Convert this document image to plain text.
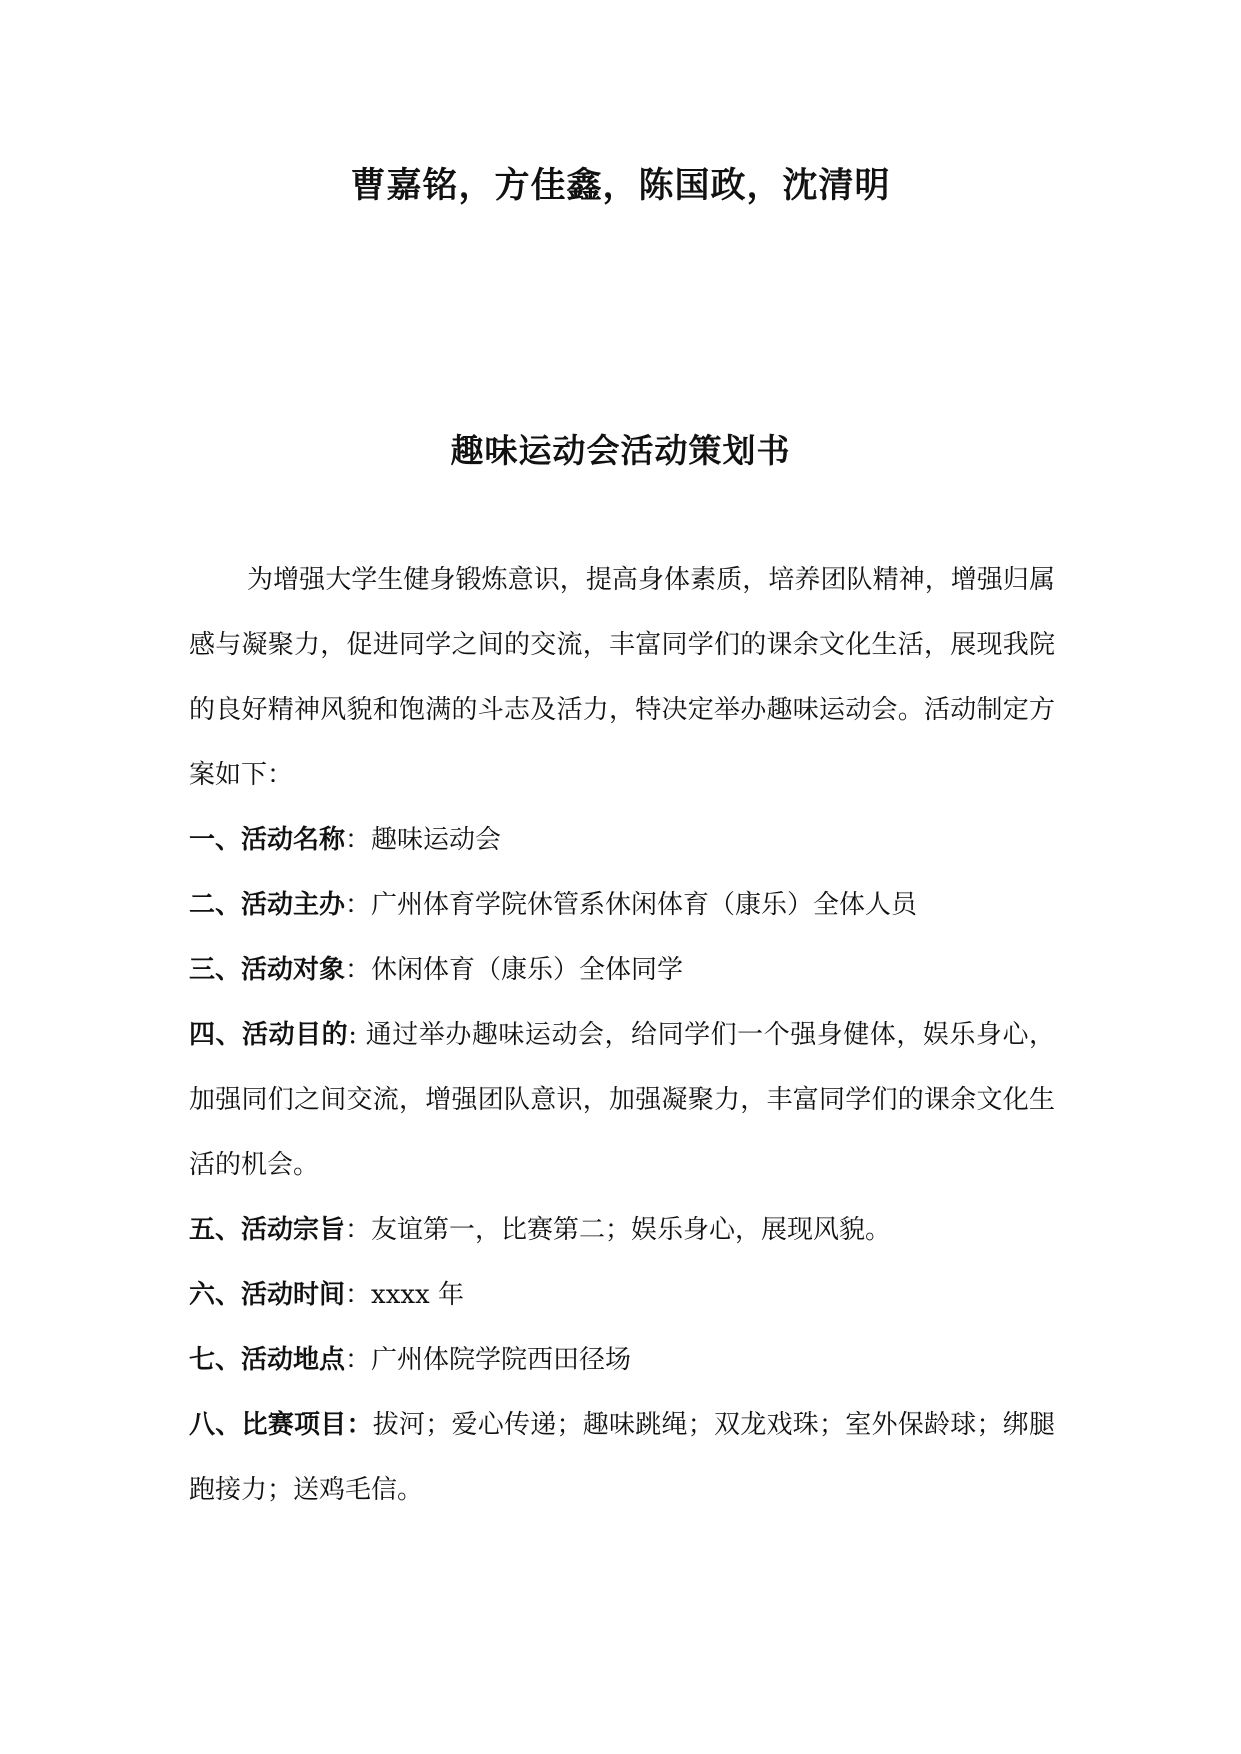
曹嘉铭，方佳鑫，陈国政，沈清明
趣味运动会活动策划书

为增强大学生健身锻炼意识，提高身体素质，培养团队精神，增强归属感与凝聚力，促进同学之间的交流，丰富同学们的课余文化生活，展现我院的良好精神风貌和饱满的斗志及活力，特决定举办趣味运动会。活动制定方案如下：

一、活动名称：趣味运动会

二、活动主办：广州体育学院休管系休闲体育（康乐）全体人员

三、活动对象：休闲体育（康乐）全体同学

四、活动目的: 通过举办趣味运动会，给同学们一个强身健体，娱乐身心，加强同们之间交流，增强团队意识，加强凝聚力，丰富同学们的课余文化生活的机会。

五、活动宗旨：友谊第一，比赛第二；娱乐身心，展现风貌。

六、活动时间：xxxx 年

七、活动地点：广州体院学院西田径场

八、比赛项目：拔河；爱心传递；趣味跳绳；双龙戏珠；室外保龄球；绑腿跑接力；送鸡毛信。
